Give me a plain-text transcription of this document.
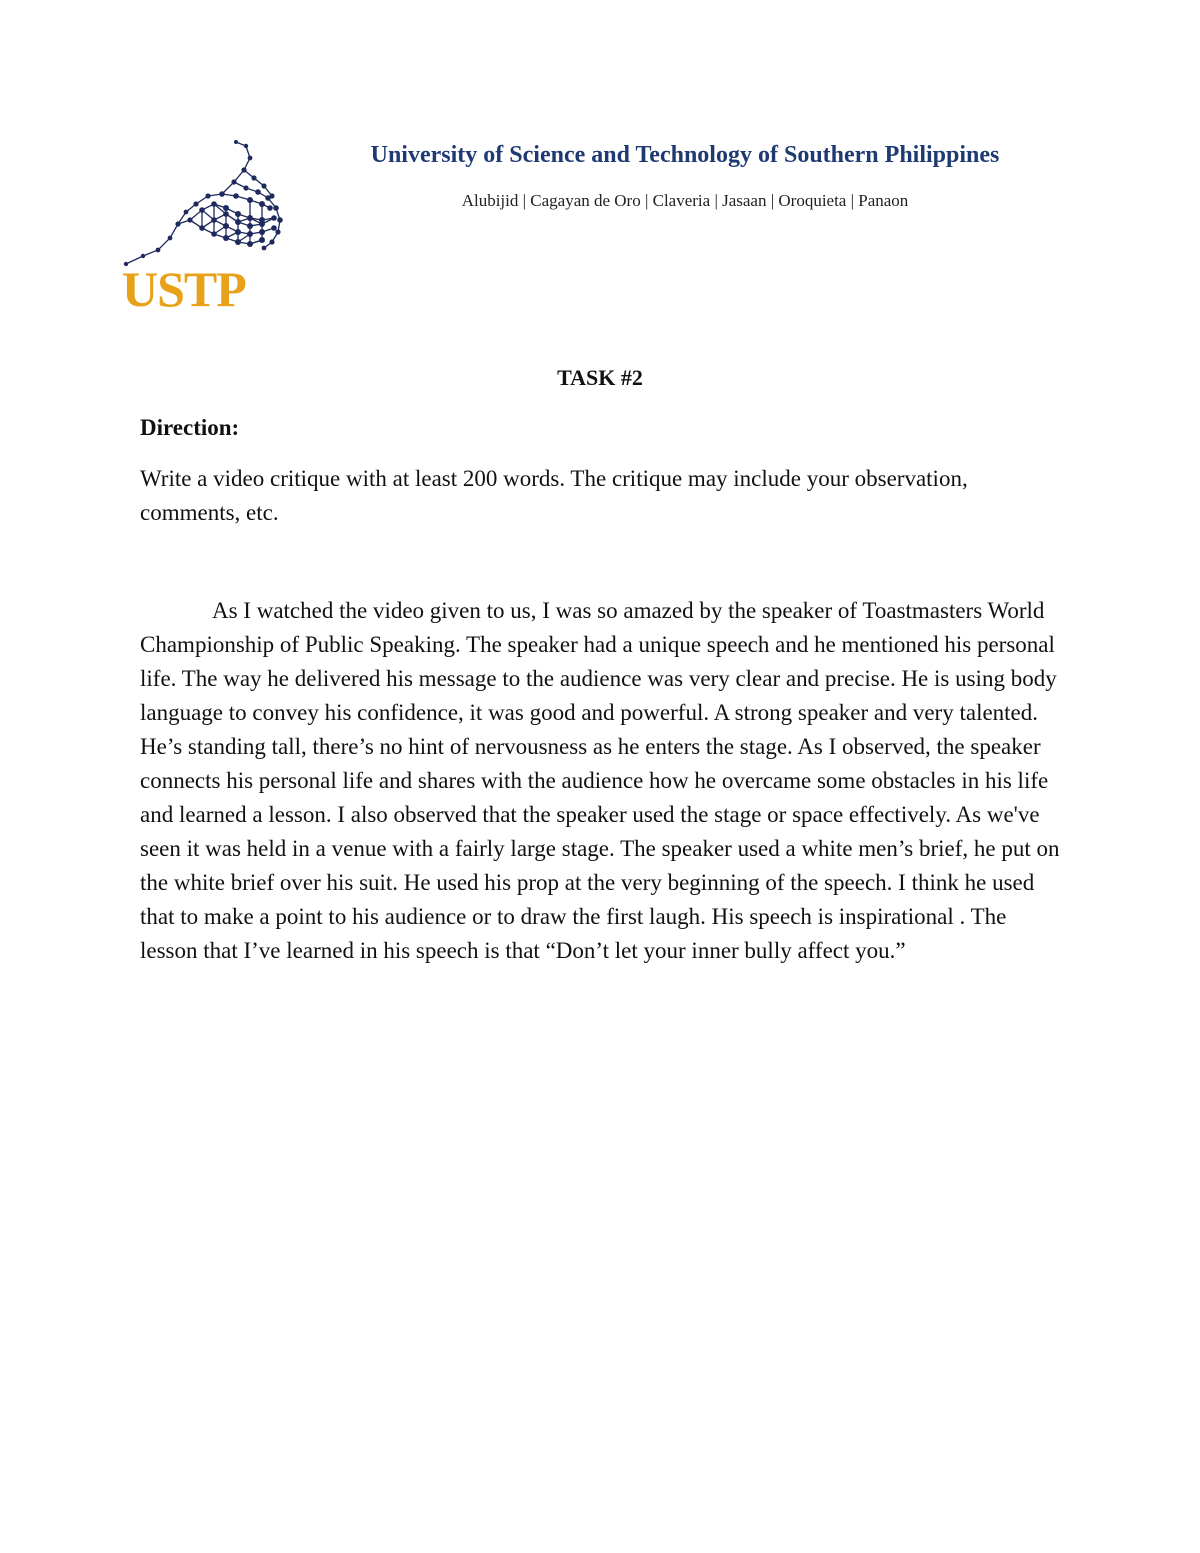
USTP
University of Science and Technology of Southern Philippines
Alubijid | Cagayan de Oro | Claveria | Jasaan | Oroquieta | Panaon
TASK #2
Direction:

Write a video critique with at least 200 words. The critique may include your observation, comments, etc.

As I watched the video given to us, I was so amazed by the speaker of Toastmasters World Championship of Public Speaking. The speaker had a unique speech and he mentioned his personal life. The way he delivered his message to the audience was very clear and precise. He is using body language to convey his confidence, it was good and powerful. A strong speaker and very talented. He’s standing tall, there’s no hint of nervousness as he enters the stage. As I observed, the speaker connects his personal life and shares with the audience how he overcame some obstacles in his life and learned a lesson. I also observed that the speaker used the stage or space effectively. As we've seen it was held in a venue with a fairly large stage. The speaker used a white men’s brief, he put on the white brief over his suit. He used his prop at the very beginning of the speech. I think he used that to make a point to his audience or to draw the first laugh. His speech is inspirational . The lesson that I’ve learned in his speech is that “Don’t let your inner bully affect you.”
